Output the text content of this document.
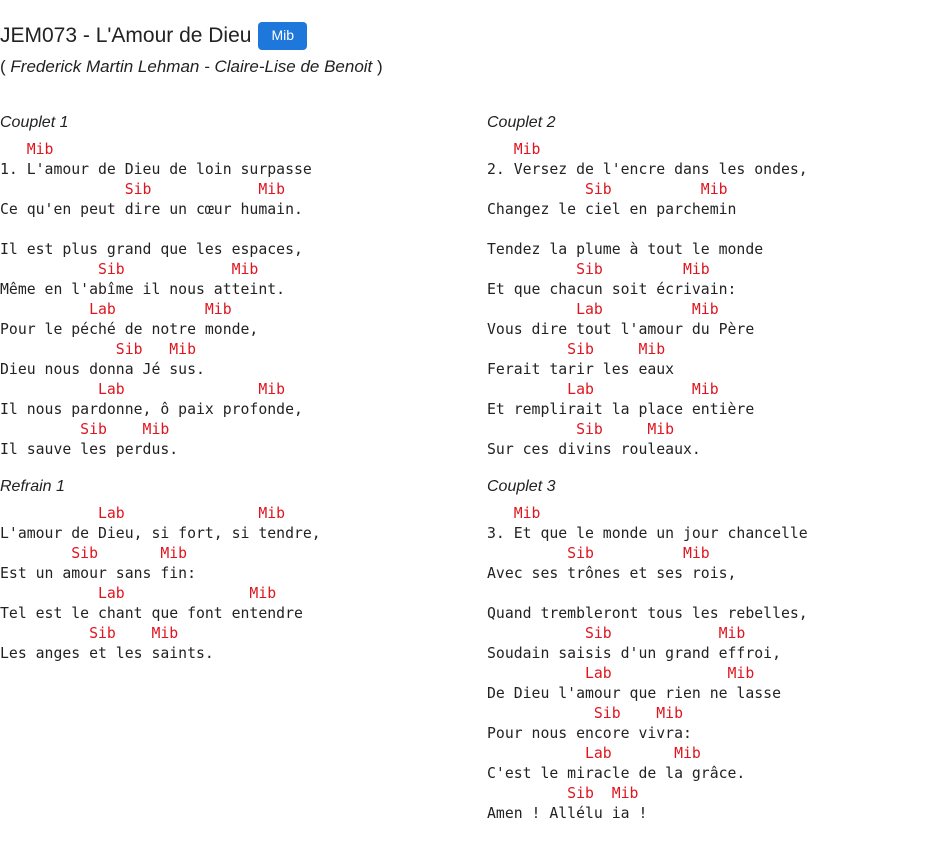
JEM073 - L'Amour de Dieu	Mib
( Frederick Martin Lehman - Claire-Lise de Benoit )
Couplet 1
Mib
1. L'amour de Dieu de loin surpasse
Sib            Mib
Ce qu'en peut dire un cœur humain.
Il est plus grand que les espaces,
Sib            Mib
Même en l'abîme il nous atteint.
Lab          Mib
Pour le péché de notre monde,
Sib   Mib
Dieu nous donna Jé sus.
Lab               Mib
Il nous pardonne, ô paix profonde,
Sib    Mib
Il sauve les perdus.
Refrain 1
Lab               Mib
L'amour de Dieu, si fort, si tendre,
Sib       Mib
Est un amour sans fin:
Lab              Mib
Tel est le chant que font entendre
Sib    Mib
Les anges et les saints.
Couplet 2
Mib
2. Versez de l'encre dans les ondes,
Sib          Mib
Changez le ciel en parchemin
Tendez la plume à tout le monde
Sib         Mib
Et que chacun soit écrivain:
Lab          Mib
Vous dire tout l'amour du Père
Sib     Mib
Ferait tarir les eaux
Lab           Mib
Et remplirait la place entière
Sib     Mib
Sur ces divins rouleaux.
Couplet 3
Mib
3. Et que le monde un jour chancelle
Sib          Mib
Avec ses trônes et ses rois,
Quand trembleront tous les rebelles,
Sib            Mib
Soudain saisis d'un grand effroi,
Lab             Mib
De Dieu l'amour que rien ne lasse
Sib    Mib
Pour nous encore vivra:
Lab       Mib
C'est le miracle de la grâce.
Sib  Mib
Amen ! Allélu ia !
